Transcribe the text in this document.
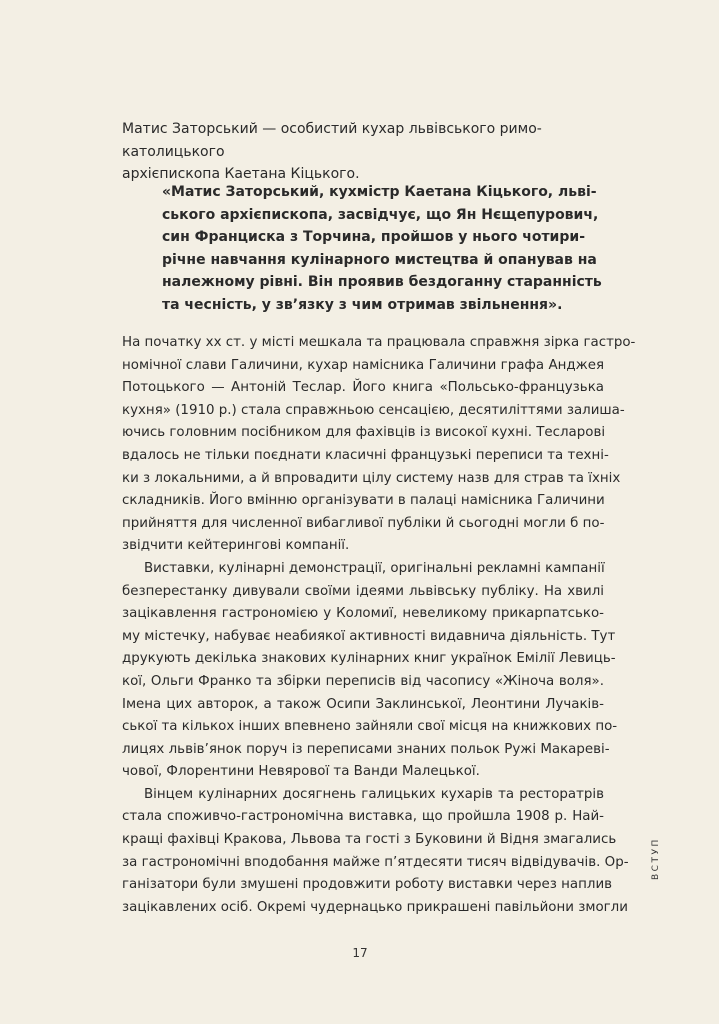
Матис Заторський — особистий кухар львівського римо-католицького
архієпископа Каетана Кіцького.

«Матис Заторський, кухмістр Каетана Кіцького, льві-
ського архієпископа, засвідчує, що Ян Нєщепурович,
син Франциска з Торчина, пройшов у нього чотири-
річне навчання кулінарного мистецтва й опанував на
належному рівні. Він проявив бездоганну старанність
та чесність, у зв’язку з чим отримав звільнення».

На початку xx ст. у місті мешкала та працювала справжня зірка гастро-
номічної слави Галичини, кухар намісника Галичини графа Анджея
Потоцького — Антоній Теслар. Його книга «Польсько-французька
кухня» (1910 р.) стала справжньою сенсацією, десятиліттями залиша-
ючись головним посібником для фахівців із високої кухні. Тесларові
вдалось не тільки поєднати класичні французькі переписи та техні-
ки з локальними, а й впровадити цілу систему назв для страв та їхніх
складників. Його вмінню організувати в палаці намісника Галичини
прийняття для численної вибагливої публіки й сьогодні могли б по-
звідчити кейтерингові компанії.
Виставки, кулінарні демонстрації, оригінальні рекламні кампанії
безперестанку дивували своїми ідеями львівську публіку. На хвилі
зацікавлення гастрономією у Коломиї, невеликому прикарпатсько-
му містечку, набуває неабиякої активності видавнича діяльність. Тут
друкують декілька знакових кулінарних книг українок Емілії Левиць-
кої, Ольги Франко та збірки переписів від часопису «Жіноча воля».
Імена цих авторок, а також Осипи Заклинської, Леонтини Лучаків-
ської та кількох інших впевнено зайняли свої місця на книжкових по-
лицях львів’янок поруч із переписами знаних польок Ружі Макареві-
чової, Флорентини Невярової та Ванди Малецької.
Вінцем кулінарних досягнень галицьких кухарів та ресторатрів
стала споживчо-гастрономічна виставка, що пройшла 1908 р. Най-
кращі фахівці Кракова, Львова та гості з Буковини й Відня змагались
за гастрономічні вподобання майже п’ятдесяти тисяч відвідувачів. Ор-
ганізатори були змушені продовжити роботу виставки через наплив
зацікавлених осіб. Окремі чудернацько прикрашені павільйони змогли
17
ВСТУП
